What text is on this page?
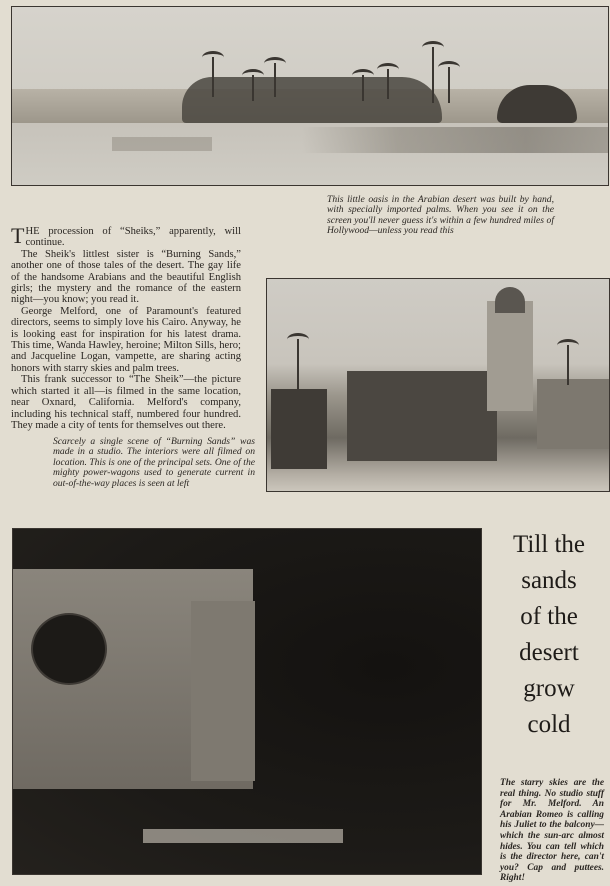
This little oasis in the Arabian desert was built by hand, with specially imported palms. When you see it on the screen you'll never guess it's within a few hundred miles of Hollywood—unless you read this

THE procession of “Sheiks,” apparently, will continue.

The Sheik's littlest sister is “Burning Sands,” another one of those tales of the desert. The gay life of the handsome Arabians and the beautiful English girls; the mystery and the romance of the eastern night—you know; you read it.

George Melford, one of Paramount's featured directors, seems to simply love his Cairo. Anyway, he is looking east for inspiration for his latest drama. This time, Wanda Hawley, heroine; Milton Sills, hero; and Jacqueline Logan, vampette, are sharing acting honors with starry skies and palm trees.

This frank successor to “The Sheik”—the picture which started it all—is filmed in the same location, near Oxnard, California. Melford's company, including his technical staff, numbered four hundred. They made a city of tents for themselves out there.

Scarcely a single scene of “Burning Sands” was made in a studio. The interiors were all filmed on location. This is one of the principal sets. One of the mighty power-wagons used to generate current in out-of-the-way places is seen at left
Till the
sands
of the
desert
grow
cold
The starry skies are the real thing. No studio stuff for Mr. Melford. An Arabian Romeo is calling his Juliet to the balcony—which the sun-arc almost hides. You can tell which is the director here, can't you? Cap and puttees. Right!
